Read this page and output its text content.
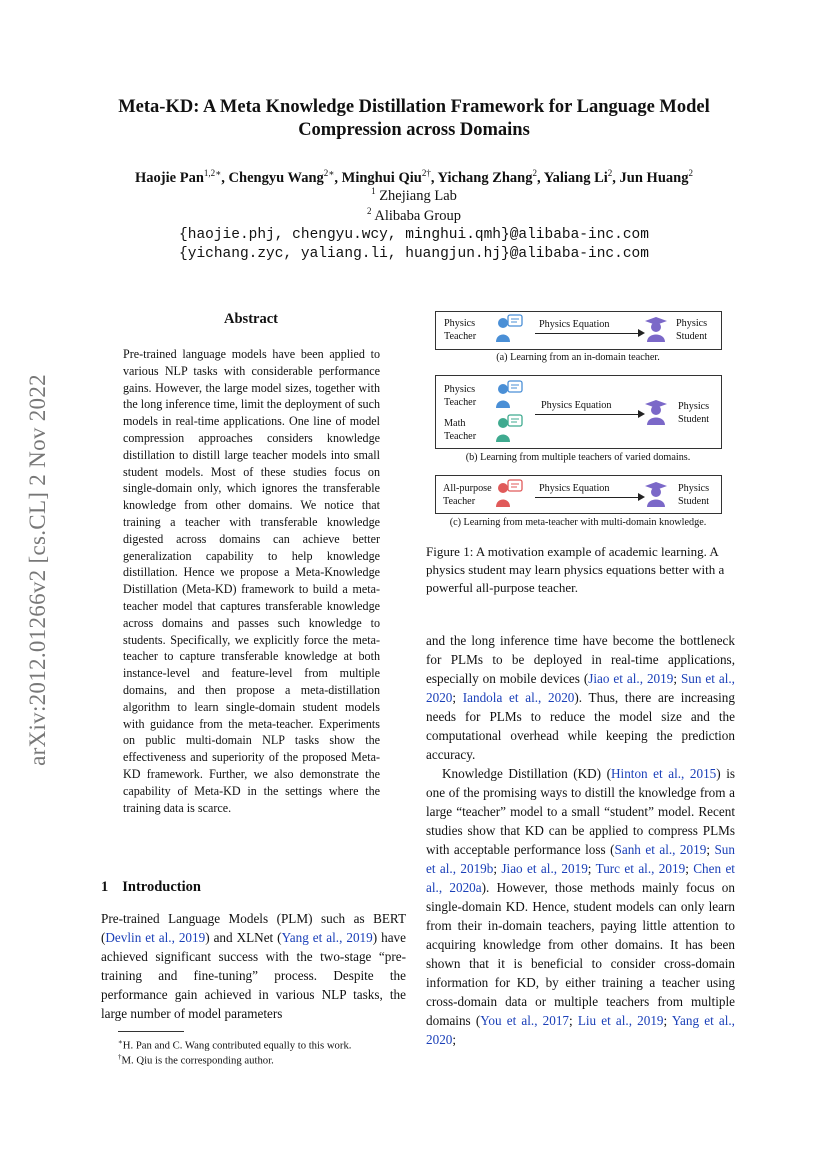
arXiv:2012.01266v2 [cs.CL] 2 Nov 2022
Meta-KD: A Meta Knowledge Distillation Framework for Language Model Compression across Domains
Haojie Pan$^{1,2∗}$, Chengyu Wang$^{2∗}$, Minghui Qiu$^{2\dagger}$, Yichang Zhang$^2$, Yaliang Li$^2$, Jun Huang$^2$
$^1$ Zhejiang Lab
$^2$ Alibaba Group
{haojie.phj, chengyu.wcy, minghui.qmh}@alibaba-inc.com
{yichang.zyc, yaliang.li, huangjun.hj}@alibaba-inc.com
Abstract
Pre-trained language models have been applied to various NLP tasks with considerable performance gains. However, the large model sizes, together with the long inference time, limit the deployment of such models in real-time applications. One line of model compression approaches considers knowledge distillation to distill large teacher models into small student models. Most of these studies focus on single-domain only, which ignores the transferable knowledge from other domains. We notice that training a teacher with transferable knowledge digested across domains can achieve better generalization capability to help knowledge distillation. Hence we propose a Meta-Knowledge Distillation (Meta-KD) framework to build a meta-teacher model that captures transferable knowledge across domains and passes such knowledge to students. Specifically, we explicitly force the meta-teacher to capture transferable knowledge at both instance-level and feature-level from multiple domains, and then propose a meta-distillation algorithm to learn single-domain student models with guidance from the meta-teacher. Experiments on public multi-domain NLP tasks show the effectiveness and superiority of the proposed Meta-KD framework. Further, we also demonstrate the capability of Meta-KD in the settings where the training data is scarce.
1 Introduction

Pre-trained Language Models (PLM) such as BERT (Devlin et al., 2019) and XLNet (Yang et al., 2019) have achieved significant success with the two-stage “pre-training and fine-tuning” process. Despite the performance gain achieved in various NLP tasks, the large number of model parameters

∗H. Pan and C. Wang contributed equally to this work.
†M. Qiu is the corresponding author.
Physics
Teacher
Physics Equation	Physics
Student
(a) Learning from an in-domain teacher.
Physics
Teacher
Math
Teacher
Physics Equation	Physics
Student
(b) Learning from multiple teachers of varied domains.
All-purpose
Teacher
Physics Equation	Physics
Student
(c) Learning from meta-teacher with multi-domain knowledge.
Figure 1: A motivation example of academic learning. A physics student may learn physics equations better with a powerful all-purpose teacher.

and the long inference time have become the bottleneck for PLMs to be deployed in real-time applications, especially on mobile devices (Jiao et al., 2019; Sun et al., 2020; Iandola et al., 2020). Thus, there are increasing needs for PLMs to reduce the model size and the computational overhead while keeping the prediction accuracy.

Knowledge Distillation (KD) (Hinton et al., 2015) is one of the promising ways to distill the knowledge from a large “teacher” model to a small “student” model. Recent studies show that KD can be applied to compress PLMs with acceptable performance loss (Sanh et al., 2019; Sun et al., 2019b; Jiao et al., 2019; Turc et al., 2019; Chen et al., 2020a). However, those methods mainly focus on single-domain KD. Hence, student models can only learn from their in-domain teachers, paying little attention to acquiring knowledge from other domains. It has been shown that it is beneficial to consider cross-domain information for KD, by either training a teacher using cross-domain data or multiple teachers from multiple domains (You et al., 2017; Liu et al., 2019; Yang et al., 2020;
